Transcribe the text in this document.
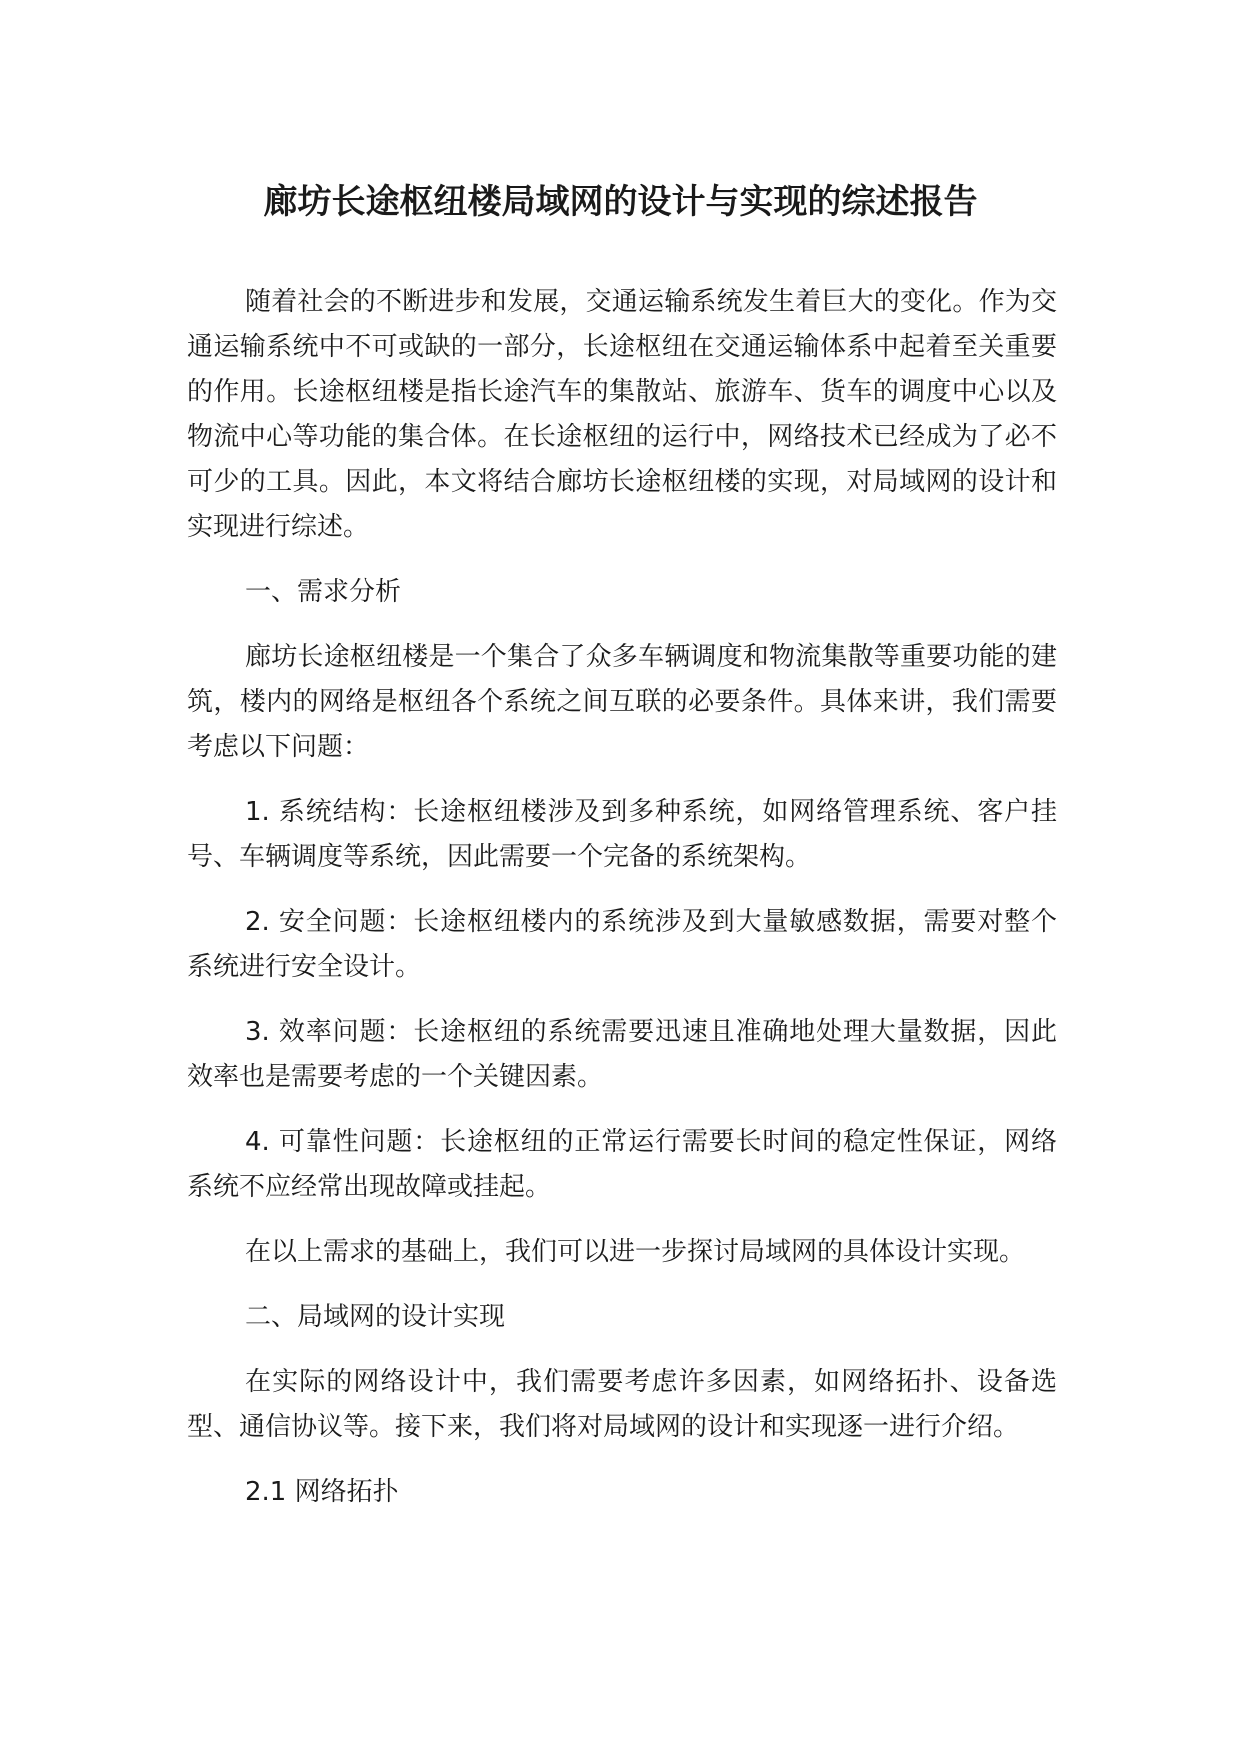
廊坊长途枢纽楼局域网的设计与实现的综述报告

随着社会的不断进步和发展，交通运输系统发生着巨大的变化。作为交通运输系统中不可或缺的一部分，长途枢纽在交通运输体系中起着至关重要的作用。长途枢纽楼是指长途汽车的集散站、旅游车、货车的调度中心以及物流中心等功能的集合体。在长途枢纽的运行中，网络技术已经成为了必不可少的工具。因此，本文将结合廊坊长途枢纽楼的实现，对局域网的设计和实现进行综述。

一、需求分析

廊坊长途枢纽楼是一个集合了众多车辆调度和物流集散等重要功能的建筑，楼内的网络是枢纽各个系统之间互联的必要条件。具体来讲，我们需要考虑以下问题：

1. 系统结构：长途枢纽楼涉及到多种系统，如网络管理系统、客户挂号、车辆调度等系统，因此需要一个完备的系统架构。

2. 安全问题：长途枢纽楼内的系统涉及到大量敏感数据，需要对整个系统进行安全设计。

3. 效率问题：长途枢纽的系统需要迅速且准确地处理大量数据，因此效率也是需要考虑的一个关键因素。

4. 可靠性问题：长途枢纽的正常运行需要长时间的稳定性保证，网络系统不应经常出现故障或挂起。

在以上需求的基础上，我们可以进一步探讨局域网的具体设计实现。

二、局域网的设计实现

在实际的网络设计中，我们需要考虑许多因素，如网络拓扑、设备选型、通信协议等。接下来，我们将对局域网的设计和实现逐一进行介绍。

2.1 网络拓扑
